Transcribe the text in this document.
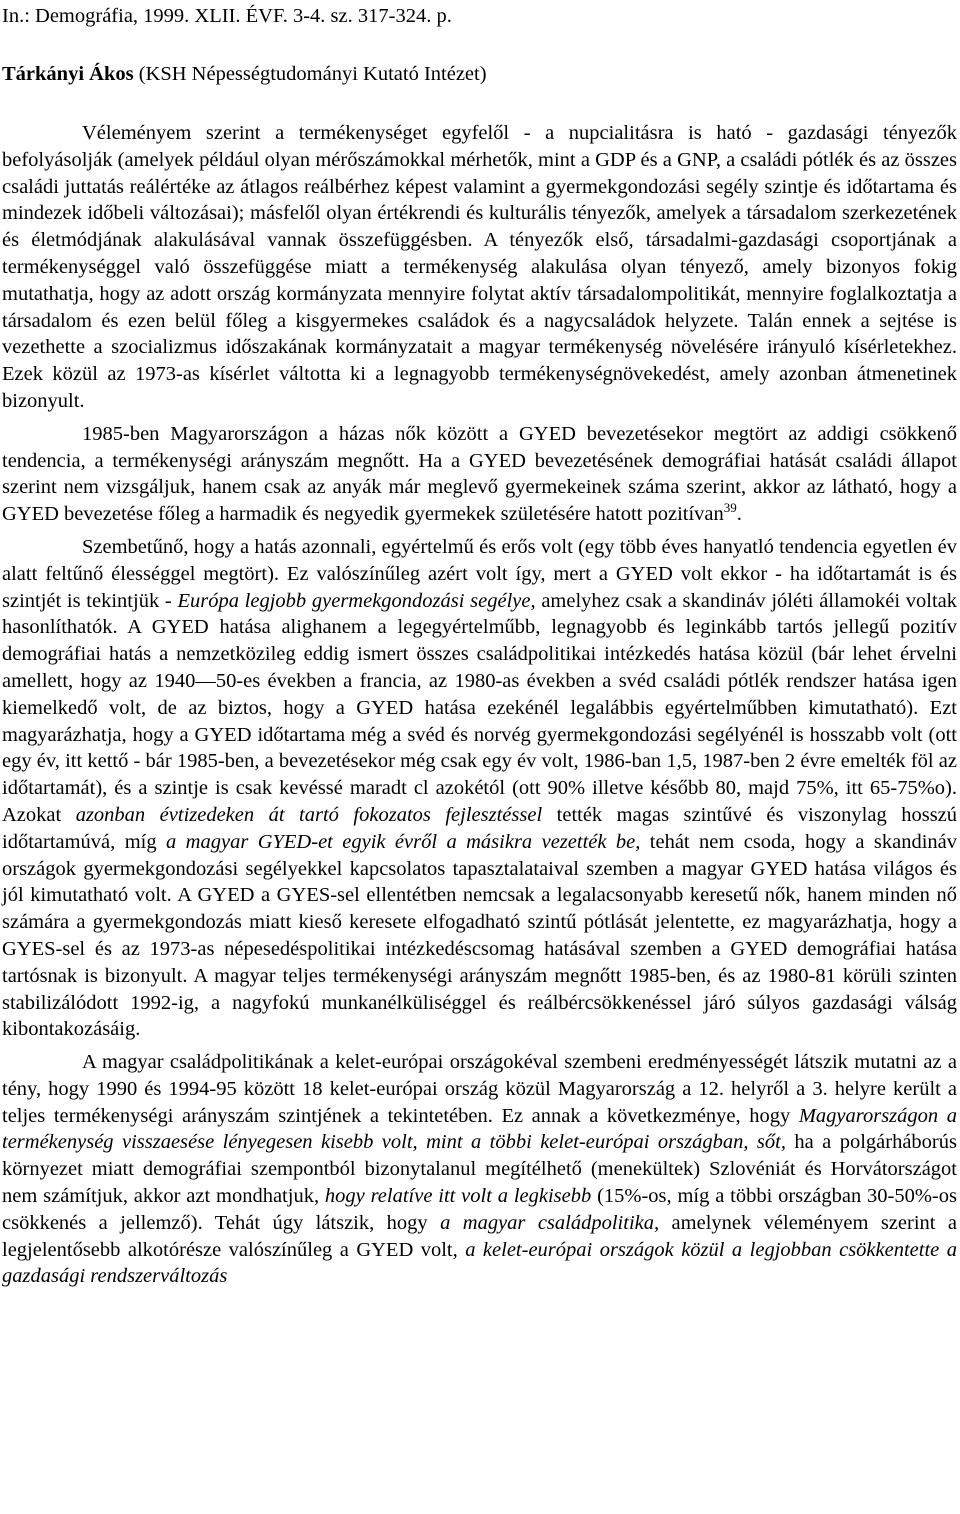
In.: Demográfia, 1999. XLII. ÉVF. 3-4. sz. 317-324. p.
Tárkányi Ákos (KSH Népességtudományi Kutató Intézet)

Véleményem szerint a termékenységet egyfelől - a nupcialitásra is ható - gazdasági tényezők befolyásolják (amelyek például olyan mérőszámokkal mérhetők, mint a GDP és a GNP, a családi pótlék és az összes családi juttatás reálértéke az átlagos reálbérhez képest valamint a gyermekgondozási segély szintje és időtartama és mindezek időbeli változásai); másfelől olyan értékrendi és kulturális tényezők, amelyek a társadalom szerkezetének és életmódjának alakulásával vannak összefüggésben. A tényezők első, társadalmi-gazdasági csoportjának a termékenységgel való összefüggése miatt a termékenység alakulása olyan tényező, amely bizonyos fokig mutathatja, hogy az adott ország kormányzata mennyire folytat aktív társadalompolitikát, mennyire foglalkoztatja a társadalom és ezen belül főleg a kisgyermekes családok és a nagycsaládok helyzete. Talán ennek a sejtése is vezethette a szocializmus időszakának kormányzatait a magyar termékenység növelésére irányuló kísérletekhez. Ezek közül az 1973-as kísérlet váltotta ki a legnagyobb termékenységnövekedést, amely azonban átmenetinek bizonyult.

1985-ben Magyarországon a házas nők között a GYED bevezetésekor megtört az addigi csökkenő tendencia, a termékenységi arányszám megnőtt. Ha a GYED bevezetésének demográfiai hatását családi állapot szerint nem vizsgáljuk, hanem csak az anyák már meglevő gyermekeinek száma szerint, akkor az látható, hogy a GYED bevezetése főleg a harmadik és negyedik gyermekek születésére hatott pozitívan$^{39}$.

Szembetűnő, hogy a hatás azonnali, egyértelmű és erős volt (egy több éves hanyatló tendencia egyetlen év alatt feltűnő élességgel megtört). Ez valószínűleg azért volt így, mert a GYED volt ekkor - ha időtartamát is és szintjét is tekintjük - Európa legjobb gyermekgondozási segélye, amelyhez csak a skandináv jóléti államokéi voltak hasonlíthatók. A GYED hatása alighanem a legegyértelműbb, legnagyobb és leginkább tartós jellegű pozitív demográfiai hatás a nemzetközileg eddig ismert összes családpolitikai intézkedés hatása közül (bár lehet érvelni amellett, hogy az 1940—50-es években a francia, az 1980-as években a svéd családi pótlék rendszer hatása igen kiemelkedő volt, de az biztos, hogy a GYED hatása ezekénél legalábbis egyértelműbben kimutatható). Ezt magyarázhatja, hogy a GYED időtartama még a svéd és norvég gyermekgondozási segélyénél is hosszabb volt (ott egy év, itt kettő - bár 1985-ben, a bevezetésekor még csak egy év volt, 1986-ban 1,5, 1987-ben 2 évre emelték föl az időtartamát), és a szintje is csak kevéssé maradt cl azokétól (ott 90% illetve később 80, majd 75%, itt 65-75%o). Azokat azonban évtizedeken át tartó fokozatos fejlesztéssel tették magas szintűvé és viszonylag hosszú időtartamúvá, míg a magyar GYED-et egyik évről a másikra vezették be, tehát nem csoda, hogy a skandináv országok gyermekgondozási segélyekkel kapcsolatos tapasztalataival szemben a magyar GYED hatása világos és jól kimutatható volt. A GYED a GYES-sel ellentétben nemcsak a legalacsonyabb keresetű nők, hanem minden nő számára a gyermekgondozás miatt kieső keresete elfogadható szintű pótlását jelentette, ez magyarázhatja, hogy a GYES-sel és az 1973-as népesedéspolitikai intézkedéscsomag hatásával szemben a GYED demográfiai hatása tartósnak is bizonyult. A magyar teljes termékenységi arányszám megnőtt 1985-ben, és az 1980-81 körüli szinten stabilizálódott 1992-ig, a nagyfokú munkanélküliséggel és reálbércsökkenéssel járó súlyos gazdasági válság kibontakozásáig.

A magyar családpolitikának a kelet-európai országokéval szembeni eredményességét látszik mutatni az a tény, hogy 1990 és 1994-95 között 18 kelet-európai ország közül Magyarország a 12. helyről a 3. helyre került a teljes termékenységi arányszám szintjének a tekintetében. Ez annak a következménye, hogy Magyarországon a termékenység visszaesése lényegesen kisebb volt, mint a többi kelet-európai országban, sőt, ha a polgárháborús környezet miatt demográfiai szempontból bizonytalanul megítélhető (menekültek) Szlovéniát és Horvátországot nem számítjuk, akkor azt mondhatjuk, hogy relatíve itt volt a legkisebb (15%-os, míg a többi országban 30-50%-os csökkenés a jellemző). Tehát úgy látszik, hogy a magyar családpolitika, amelynek véleményem szerint a legjelentősebb alkotórésze valószínűleg a GYED volt, a kelet-európai országok közül a legjobban csökkentette a gazdasági rendszerváltozás
